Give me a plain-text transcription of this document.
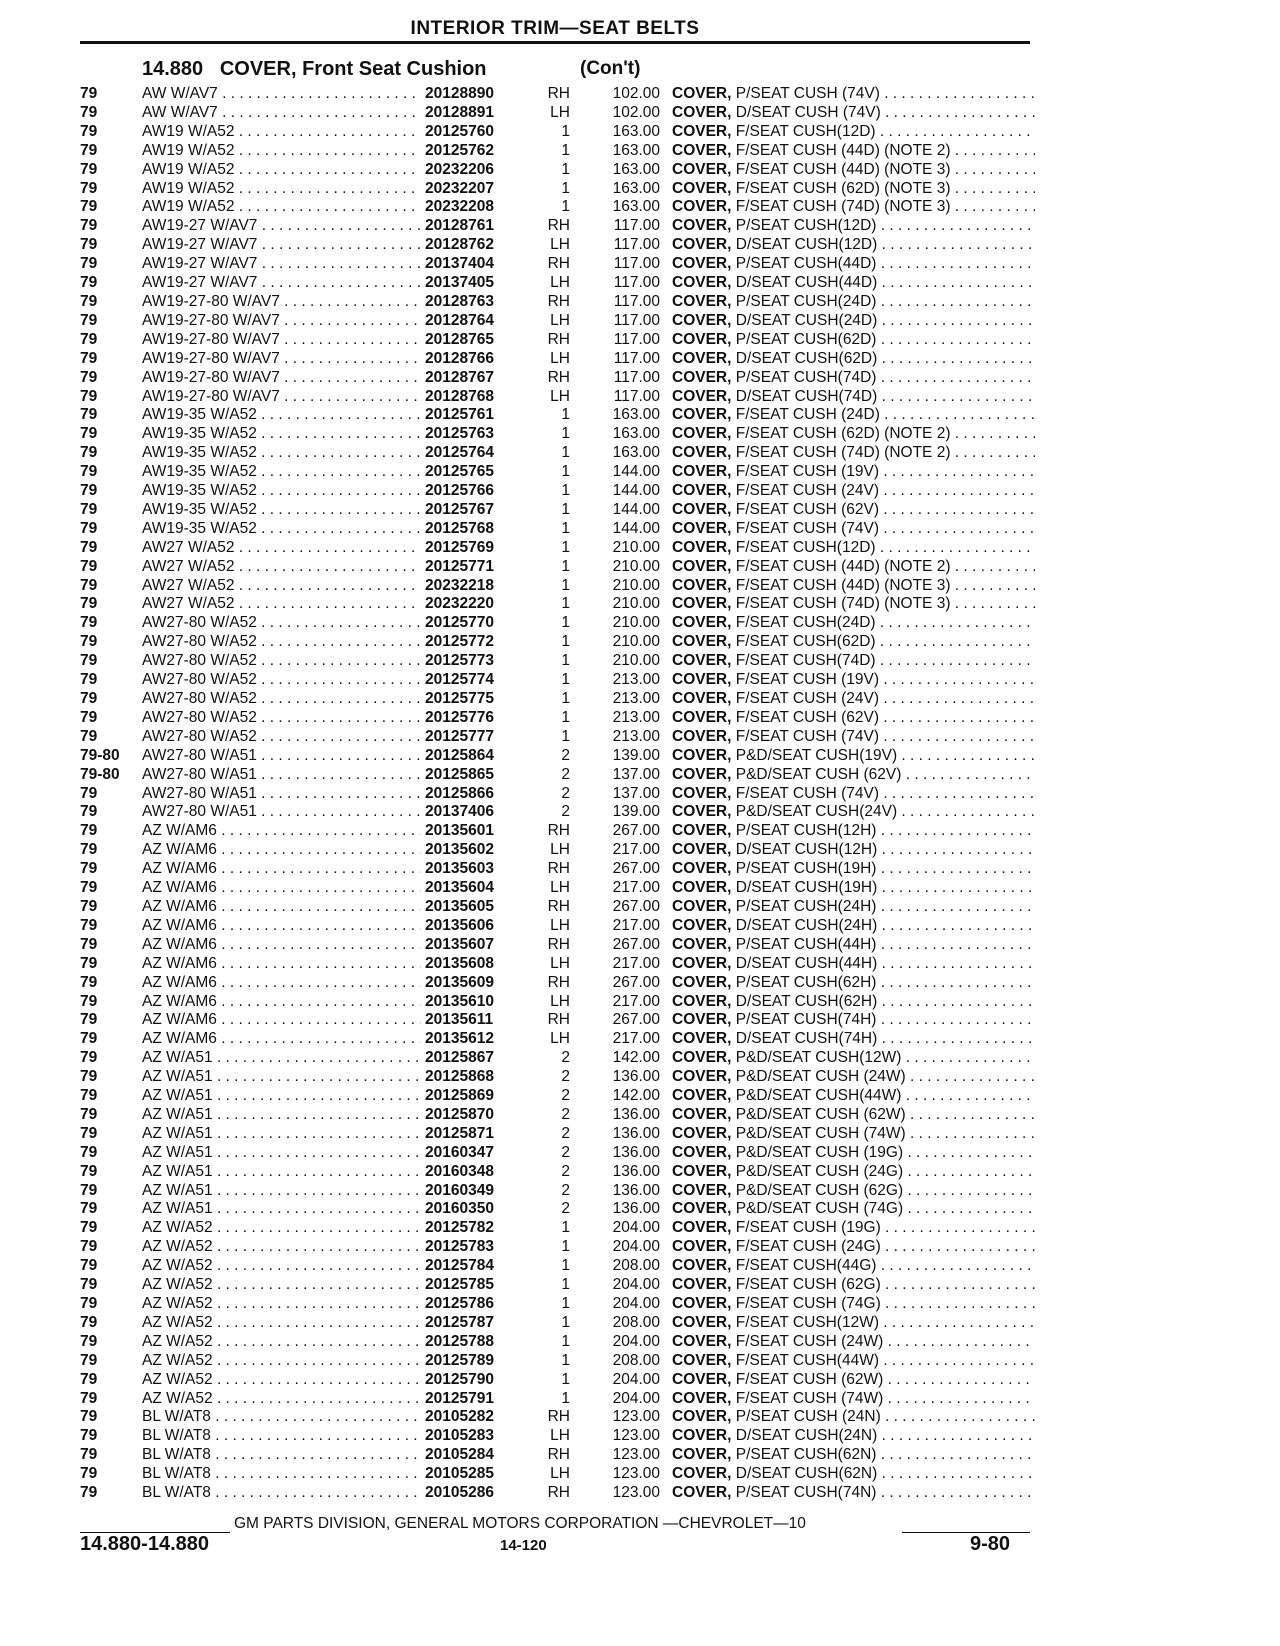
INTERIOR TRIM—SEAT BELTS
14.880   COVER, Front Seat Cushion	(Con't)
79	AW W/AV7 . . .	20128890	RH	102.00 COVER, P/SEAT CUSH (74V) . . .
79	AW W/AV7 . . .	20128891	LH	102.00 COVER, D/SEAT CUSH (74V) . . .
79	AW19 W/A52 . . .	20125760	1	163.00 COVER, F/SEAT CUSH(12D) . . .
79	AW19 W/A52 . . .	20125762	1	163.00 COVER, F/SEAT CUSH (44D) (NOTE 2) . . .
79	AW19 W/A52 . . .	20232206	1	163.00 COVER, F/SEAT CUSH (44D) (NOTE 3) . . .
79	AW19 W/A52 . . .	20232207	1	163.00 COVER, F/SEAT CUSH (62D) (NOTE 3) . . .
79	AW19 W/A52 . . .	20232208	1	163.00 COVER, F/SEAT CUSH (74D) (NOTE 3) . . .
79	AW19-27 W/AV7 . . .	20128761	RH	117.00 COVER, P/SEAT CUSH(12D) . . .
79	AW19-27 W/AV7 . . .	20128762	LH	117.00 COVER, D/SEAT CUSH(12D) . . .
79	AW19-27 W/AV7 . . .	20137404	RH	117.00 COVER, P/SEAT CUSH(44D) . . .
79	AW19-27 W/AV7 . . .	20137405	LH	117.00 COVER, D/SEAT CUSH(44D) . . .
79	AW19-27-80 W/AV7 . . .	20128763	RH	117.00 COVER, P/SEAT CUSH(24D) . . .
79	AW19-27-80 W/AV7 . . .	20128764	LH	117.00 COVER, D/SEAT CUSH(24D) . . .
79	AW19-27-80 W/AV7 . . .	20128765	RH	117.00 COVER, P/SEAT CUSH(62D) . . .
79	AW19-27-80 W/AV7 . . .	20128766	LH	117.00 COVER, D/SEAT CUSH(62D) . . .
79	AW19-27-80 W/AV7 . . .	20128767	RH	117.00 COVER, P/SEAT CUSH(74D) . . .
79	AW19-27-80 W/AV7 . . .	20128768	LH	117.00 COVER, D/SEAT CUSH(74D) . . .
79	AW19-35 W/A52 . . .	20125761	1	163.00 COVER, F/SEAT CUSH (24D) . . .
79	AW19-35 W/A52 . . .	20125763	1	163.00 COVER, F/SEAT CUSH (62D) (NOTE 2) . . .
79	AW19-35 W/A52 . . .	20125764	1	163.00 COVER, F/SEAT CUSH (74D) (NOTE 2) . . .
79	AW19-35 W/A52 . . .	20125765	1	144.00 COVER, F/SEAT CUSH (19V) . . .
79	AW19-35 W/A52 . . .	20125766	1	144.00 COVER, F/SEAT CUSH (24V) . . .
79	AW19-35 W/A52 . . .	20125767	1	144.00 COVER, F/SEAT CUSH (62V) . . .
79	AW19-35 W/A52 . . .	20125768	1	144.00 COVER, F/SEAT CUSH (74V) . . .
79	AW27 W/A52 . . .	20125769	1	210.00 COVER, F/SEAT CUSH(12D) . . .
79	AW27 W/A52 . . .	20125771	1	210.00 COVER, F/SEAT CUSH (44D) (NOTE 2) . . .
79	AW27 W/A52 . . .	20232218	1	210.00 COVER, F/SEAT CUSH (44D) (NOTE 3) . . .
79	AW27 W/A52 . . .	20232220	1	210.00 COVER, F/SEAT CUSH (74D) (NOTE 3) . . .
79	AW27-80 W/A52 . . .	20125770	1	210.00 COVER, F/SEAT CUSH(24D) . . .
79	AW27-80 W/A52 . . .	20125772	1	210.00 COVER, F/SEAT CUSH(62D) . . .
79	AW27-80 W/A52 . . .	20125773	1	210.00 COVER, F/SEAT CUSH(74D) . . .
79	AW27-80 W/A52 . . .	20125774	1	213.00 COVER, F/SEAT CUSH (19V) . . .
79	AW27-80 W/A52 . . .	20125775	1	213.00 COVER, F/SEAT CUSH (24V) . . .
79	AW27-80 W/A52 . . .	20125776	1	213.00 COVER, F/SEAT CUSH (62V) . . .
79	AW27-80 W/A52 . . .	20125777	1	213.00 COVER, F/SEAT CUSH (74V) . . .
79-80 AW27-80 W/A51 . . .	20125864	2	139.00 COVER, P&D/SEAT CUSH(19V) . . .
79-80 AW27-80 W/A51 . . .	20125865	2	137.00 COVER, P&D/SEAT CUSH (62V) . . .
79	AW27-80 W/A51 . . .	20125866	2	137.00 COVER, F/SEAT CUSH (74V) . . .
79	AW27-80 W/A51 . . .	20137406	2	139.00 COVER, P&D/SEAT CUSH(24V) . . .
79	AZ W/AM6 . . .	20135601	RH	267.00 COVER, P/SEAT CUSH(12H) . . .
79	AZ W/AM6 . . .	20135602	LH	217.00 COVER, D/SEAT CUSH(12H) . . .
79	AZ W/AM6 . . .	20135603	RH	267.00 COVER, P/SEAT CUSH(19H) . . .
79	AZ W/AM6 . . .	20135604	LH	217.00 COVER, D/SEAT CUSH(19H) . . .
79	AZ W/AM6 . . .	20135605	RH	267.00 COVER, P/SEAT CUSH(24H) . . .
79	AZ W/AM6 . . .	20135606	LH	217.00 COVER, D/SEAT CUSH(24H) . . .
79	AZ W/AM6 . . .	20135607	RH	267.00 COVER, P/SEAT CUSH(44H) . . .
79	AZ W/AM6 . . .	20135608	LH	217.00 COVER, D/SEAT CUSH(44H) . . .
79	AZ W/AM6 . . .	20135609	RH	267.00 COVER, P/SEAT CUSH(62H) . . .
79	AZ W/AM6 . . .	20135610	LH	217.00 COVER, D/SEAT CUSH(62H) . . .
79	AZ W/AM6 . . .	20135611	RH	267.00 COVER, P/SEAT CUSH(74H) . . .
79	AZ W/AM6 . . .	20135612	LH	217.00 COVER, D/SEAT CUSH(74H) . . .
79	AZ W/A51 . . .	20125867	2	142.00 COVER, P&D/SEAT CUSH(12W) . . .
79	AZ W/A51 . . .	20125868	2	136.00 COVER, P&D/SEAT CUSH (24W) . . .
79	AZ W/A51 . . .	20125869	2	142.00 COVER, P&D/SEAT CUSH(44W) . . .
79	AZ W/A51 . . .	20125870	2	136.00 COVER, P&D/SEAT CUSH (62W) . . .
79	AZ W/A51 . . .	20125871	2	136.00 COVER, P&D/SEAT CUSH (74W) . . .
79	AZ W/A51 . . .	20160347	2	136.00 COVER, P&D/SEAT CUSH (19G) . . .
79	AZ W/A51 . . .	20160348	2	136.00 COVER, P&D/SEAT CUSH (24G) . . .
79	AZ W/A51 . . .	20160349	2	136.00 COVER, P&D/SEAT CUSH (62G) . . .
79	AZ W/A51 . . .	20160350	2	136.00 COVER, P&D/SEAT CUSH (74G) . . .
79	AZ W/A52 . . .	20125782	1	204.00 COVER, F/SEAT CUSH (19G) . . .
79	AZ W/A52 . . .	20125783	1	204.00 COVER, F/SEAT CUSH (24G) . . .
79	AZ W/A52 . . .	20125784	1	208.00 COVER, F/SEAT CUSH(44G) . . .
79	AZ W/A52 . . .	20125785	1	204.00 COVER, F/SEAT CUSH (62G) . . .
79	AZ W/A52 . . .	20125786	1	204.00 COVER, F/SEAT CUSH (74G) . . .
79	AZ W/A52 . . .	20125787	1	208.00 COVER, F/SEAT CUSH(12W) . . .
79	AZ W/A52 . . .	20125788	1	204.00 COVER, F/SEAT CUSH (24W) . . .
79	AZ W/A52 . . .	20125789	1	208.00 COVER, F/SEAT CUSH(44W) . . .
79	AZ W/A52 . . .	20125790	1	204.00 COVER, F/SEAT CUSH (62W) . . .
79	AZ W/A52 . . .	20125791	1	204.00 COVER, F/SEAT CUSH (74W) . . .
79	BL W/AT8 . . .	20105282	RH	123.00 COVER, P/SEAT CUSH (24N) . . .
79	BL W/AT8 . . .	20105283	LH	123.00 COVER, D/SEAT CUSH(24N) . . .
79	BL W/AT8 . . .	20105284	RH	123.00 COVER, P/SEAT CUSH(62N) . . .
79	BL W/AT8 . . .	20105285	LH	123.00 COVER, D/SEAT CUSH(62N) . . .
79	BL W/AT8 . . .	20105286	RH	123.00 COVER, P/SEAT CUSH(74N) . . .
GM PARTS DIVISION, GENERAL MOTORS CORPORATION —CHEVROLET—10
14.880-14.880	14-120	9-80
